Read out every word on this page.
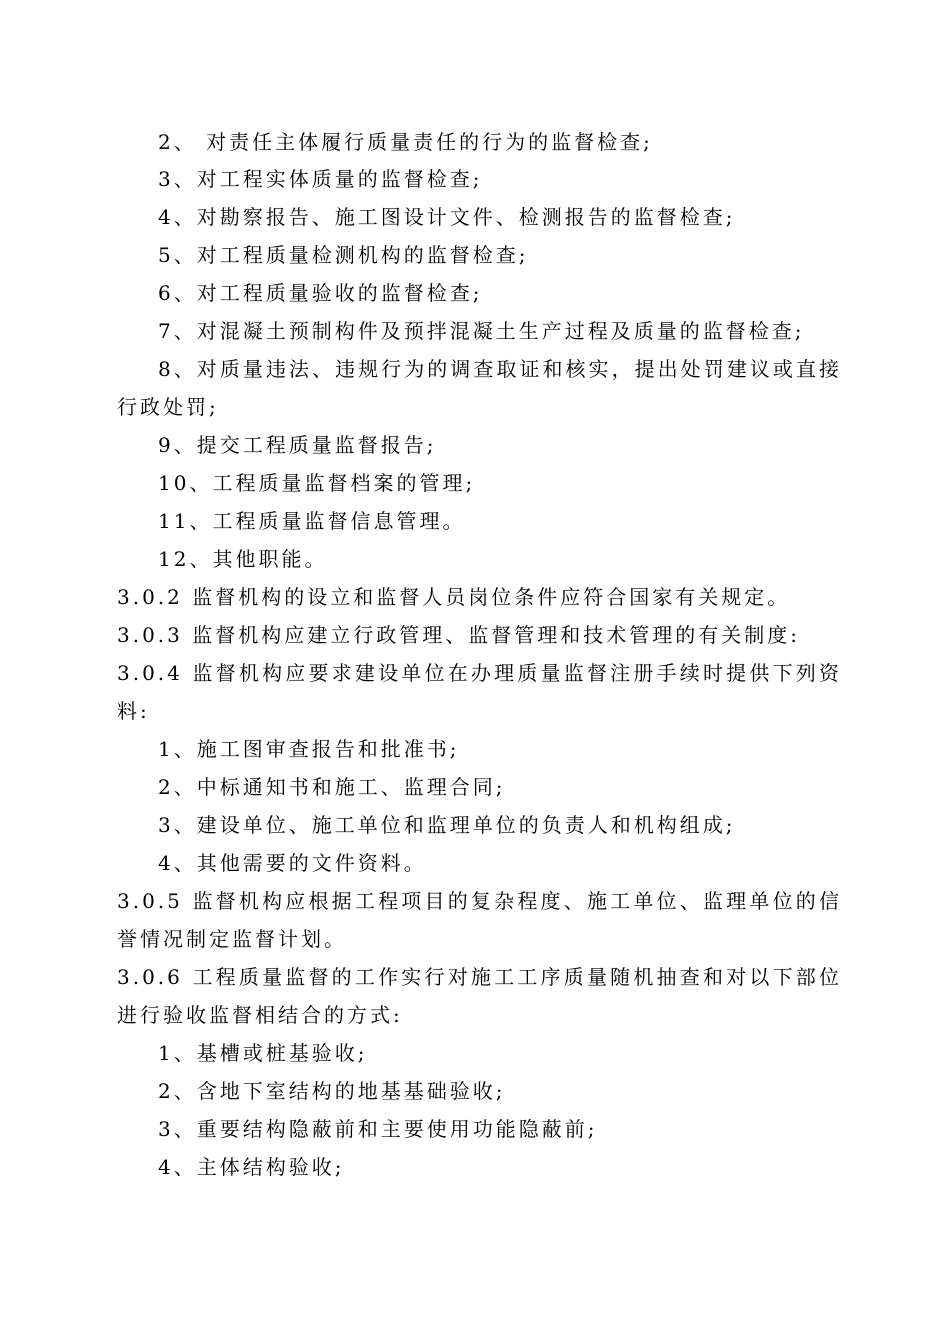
2、 对责任主体履行质量责任的行为的监督检查;
3、对工程实体质量的监督检查;
4、对勘察报告、施工图设计文件、检测报告的监督检查;
5、对工程质量检测机构的监督检查;
6、对工程质量验收的监督检查;
7、对混凝土预制构件及预拌混凝土生产过程及质量的监督检查;
8、对质量违法、违规行为的调查取证和核实，提出处罚建议或直接
行政处罚;
9、提交工程质量监督报告;
10、工程质量监督档案的管理;
11、工程质量监督信息管理。
12、其他职能。
3.0.2 监督机构的设立和监督人员岗位条件应符合国家有关规定。
3.0.3 监督机构应建立行政管理、监督管理和技术管理的有关制度:
3.0.4 监督机构应要求建设单位在办理质量监督注册手续时提供下列资
料:
1、施工图审查报告和批准书;
2、中标通知书和施工、监理合同;
3、建设单位、施工单位和监理单位的负责人和机构组成;
4、其他需要的文件资料。
3.0.5 监督机构应根据工程项目的复杂程度、施工单位、监理单位的信
誉情况制定监督计划。
3.0.6 工程质量监督的工作实行对施工工序质量随机抽查和对以下部位
进行验收监督相结合的方式:
1、基槽或桩基验收;
2、含地下室结构的地基基础验收;
3、重要结构隐蔽前和主要使用功能隐蔽前;
4、主体结构验收;
